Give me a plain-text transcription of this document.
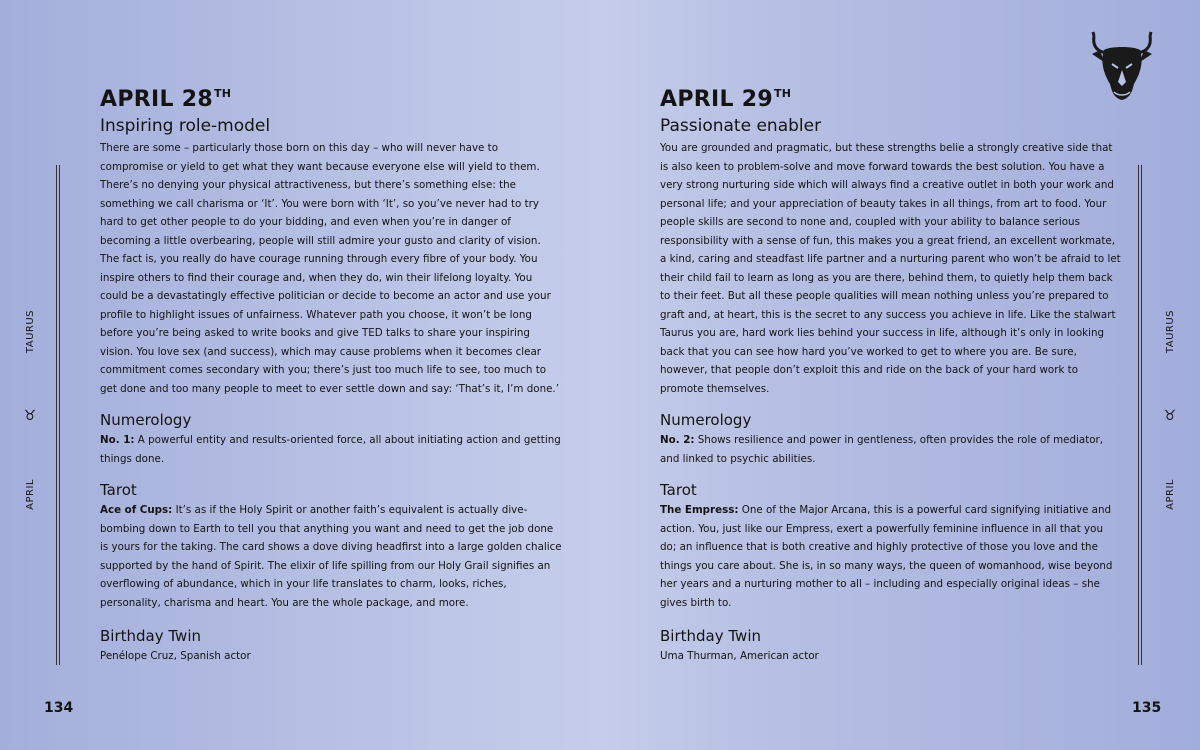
APRIL 28TH
Inspiring role-model

There are some – particularly those born on this day – who will never have to compromise or yield to get what they want because everyone else will yield to them. There’s no denying your physical attractiveness, but there’s something else: the something we call charisma or ‘It’. You were born with ‘It’, so you’ve never had to try hard to get other people to do your bidding, and even when you’re in danger of becoming a little overbearing, people will still admire your gusto and clarity of vision. The fact is, you really do have courage running through every fibre of your body. You inspire others to find their courage and, when they do, win their lifelong loyalty. You could be a devastatingly effective politician or decide to become an actor and use your profile to highlight issues of unfairness. Whatever path you choose, it won’t be long before you’re being asked to write books and give TED talks to share your inspiring vision. You love sex (and success), which may cause problems when it becomes clear commitment comes secondary with you; there’s just too much life to see, too much to get done and too many people to meet to ever settle down and say: ‘That’s it, I’m done.’

Numerology

No. 1: A powerful entity and results-oriented force, all about initiating action and getting things done.

Tarot

Ace of Cups: It’s as if the Holy Spirit or another faith’s equivalent is actually dive-bombing down to Earth to tell you that anything you want and need to get the job done is yours for the taking. The card shows a dove diving headfirst into a large golden chalice supported by the hand of Spirit. The elixir of life spilling from our Holy Grail signifies an overflowing of abundance, which in your life translates to charm, looks, riches, personality, charisma and heart. You are the whole package, and more.

Birthday Twin

Penélope Cruz, Spanish actor

TAURUS
♉
APRIL
134
APRIL 29TH
Passionate enabler

You are grounded and pragmatic, but these strengths belie a strongly creative side that is also keen to problem-solve and move forward towards the best solution. You have a very strong nurturing side which will always find a creative outlet in both your work and personal life; and your appreciation of beauty takes in all things, from art to food. Your people skills are second to none and, coupled with your ability to balance serious responsibility with a sense of fun, this makes you a great friend, an excellent workmate, a kind, caring and steadfast life partner and a nurturing parent who won’t be afraid to let their child fail to learn as long as you are there, behind them, to quietly help them back to their feet. But all these people qualities will mean nothing unless you’re prepared to graft and, at heart, this is the secret to any success you achieve in life. Like the stalwart Taurus you are, hard work lies behind your success in life, although it’s only in looking back that you can see how hard you’ve worked to get to where you are. Be sure, however, that people don’t exploit this and ride on the back of your hard work to promote themselves.

Numerology

No. 2: Shows resilience and power in gentleness, often provides the role of mediator, and linked to psychic abilities.

Tarot

The Empress: One of the Major Arcana, this is a powerful card signifying initiative and action. You, just like our Empress, exert a powerfully feminine influence in all that you do; an influence that is both creative and highly protective of those you love and the things you care about. She is, in so many ways, the queen of womanhood, wise beyond her years and a nurturing mother to all – including and especially original ideas – she gives birth to.

Birthday Twin

Uma Thurman, American actor

TAURUS
♉
APRIL
135
